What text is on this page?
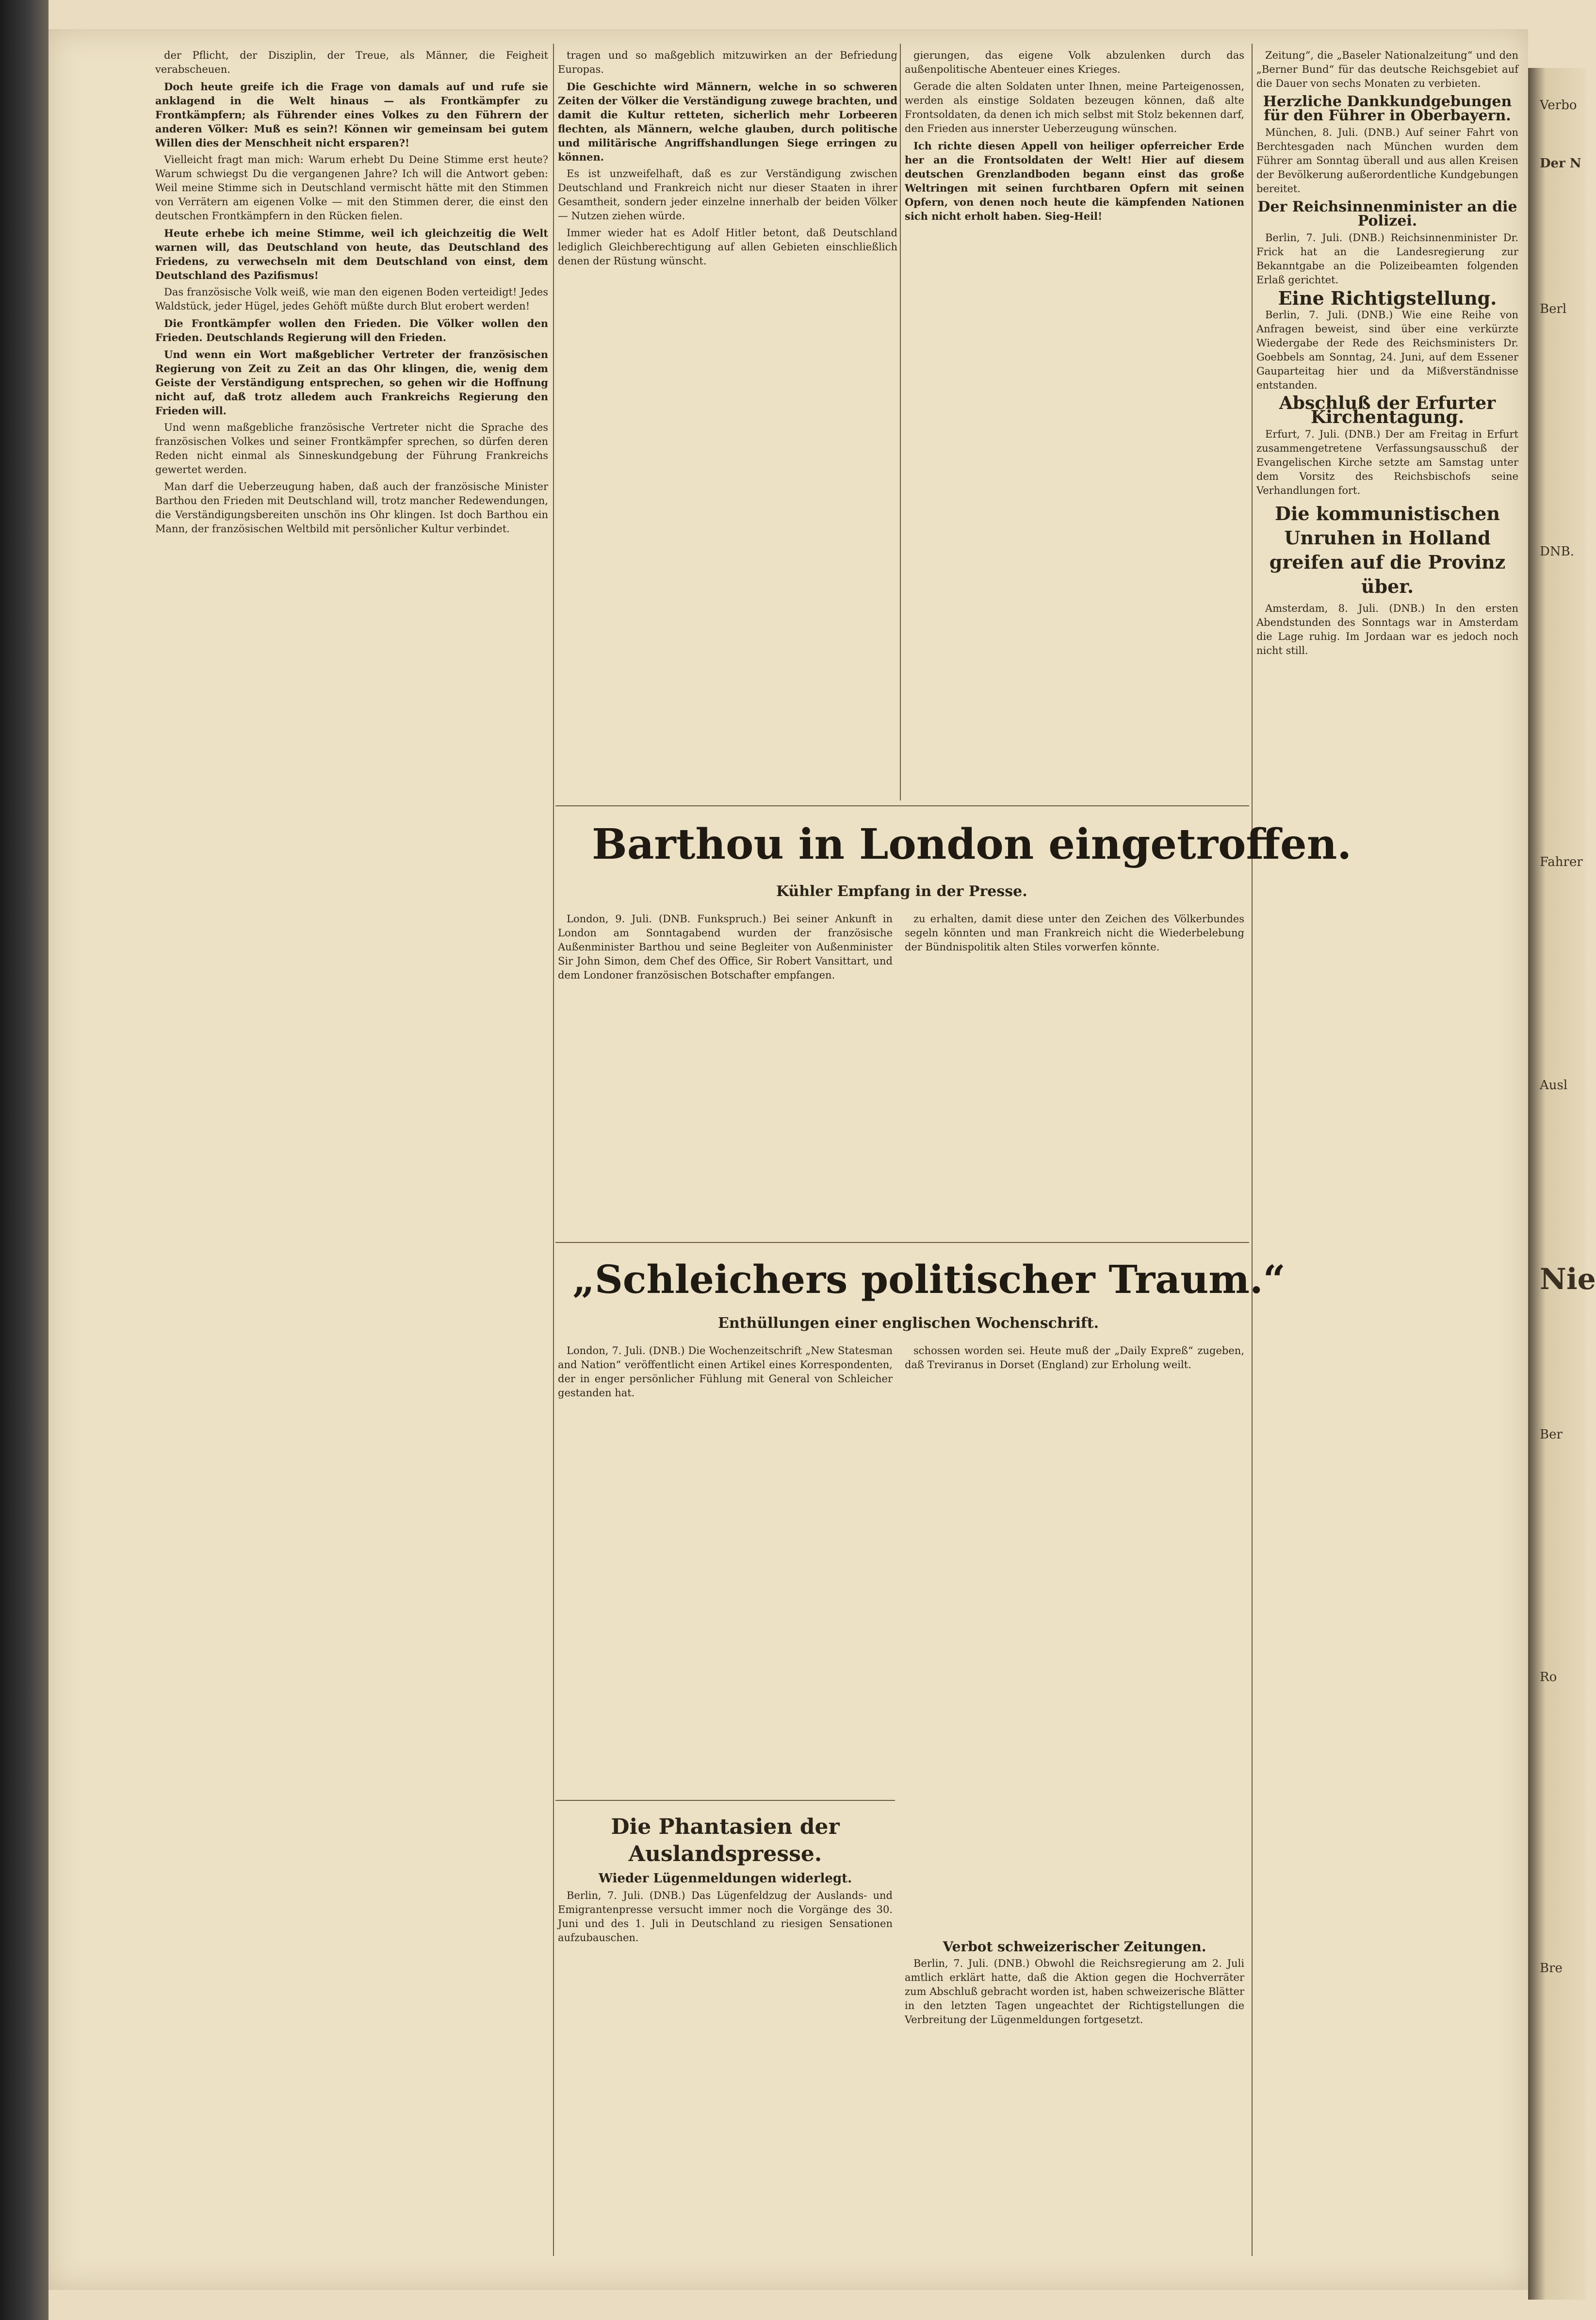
der Pflicht, der Disziplin, der Treue, als Männer, die Feigheit verabscheuen.

Doch heute greife ich die Frage von damals auf und rufe sie anklagend in die Welt hinaus — als Frontkämpfer zu Frontkämpfern; als Führender eines Volkes zu den Führern der anderen Völker: Muß es sein?! Können wir gemeinsam bei gutem Willen dies der Menschheit nicht ersparen?!

Vielleicht fragt man mich: Warum erhebt Du Deine Stimme erst heute? Warum schwiegst Du die vergangenen Jahre? Ich will die Antwort geben: Weil meine Stimme sich in Deutschland vermischt hätte mit den Stimmen von Verrätern am eigenen Volke — mit den Stimmen derer, die einst den deutschen Frontkämpfern in den Rücken fielen.

Heute erhebe ich meine Stimme, weil ich gleichzeitig die Welt warnen will, das Deutschland von heute, das Deutschland des Friedens, zu verwechseln mit dem Deutschland von einst, dem Deutschland des Pazifismus!

Das französische Volk weiß, wie man den eigenen Boden verteidigt! Jedes Waldstück, jeder Hügel, jedes Gehöft müßte durch Blut erobert werden!

Die Frontkämpfer wollen den Frieden. Die Völker wollen den Frieden. Deutschlands Regierung will den Frieden.

Und wenn ein Wort maßgeblicher Vertreter der französischen Regierung von Zeit zu Zeit an das Ohr klingen, die, wenig dem Geiste der Verständigung entsprechen, so gehen wir die Hoffnung nicht auf, daß trotz alledem auch Frankreichs Regierung den Frieden will.

Und wenn maßgebliche französische Vertreter nicht die Sprache des französischen Volkes und seiner Frontkämpfer sprechen, so dürfen deren Reden nicht einmal als Sinneskundgebung der Führung Frankreichs gewertet werden.

Man darf die Ueberzeugung haben, daß auch der französische Minister Barthou den Frieden mit Deutschland will, trotz mancher Redewendungen, die Verständigungsbereiten unschön ins Ohr klingen. Ist doch Barthou ein Mann, der französischen Weltbild mit persönlicher Kultur verbindet.

tragen und so maßgeblich mitzuwirken an der Befriedung Europas.

Die Geschichte wird Männern, welche in so schweren Zeiten der Völker die Verständigung zuwege brachten, und damit die Kultur retteten, sicherlich mehr Lorbeeren flechten, als Männern, welche glauben, durch politische und militärische Angriffshandlungen Siege erringen zu können.

Es ist unzweifelhaft, daß es zur Verständigung zwischen Deutschland und Frankreich nicht nur dieser Staaten in ihrer Gesamtheit, sondern jeder einzelne innerhalb der beiden Völker — Nutzen ziehen würde.

Immer wieder hat es Adolf Hitler betont, daß Deutschland lediglich Gleichberechtigung auf allen Gebieten einschließlich denen der Rüstung wünscht.

gierungen, das eigene Volk abzulenken durch das außenpolitische Abenteuer eines Krieges.

Gerade die alten Soldaten unter Ihnen, meine Parteigenossen, werden als einstige Soldaten bezeugen können, daß alte Frontsoldaten, da denen ich mich selbst mit Stolz bekennen darf, den Frieden aus innerster Ueberzeugung wünschen.

Ich richte diesen Appell von heiliger opferreicher Erde her an die Frontsoldaten der Welt! Hier auf diesem deutschen Grenzlandboden begann einst das große Weltringen mit seinen furchtbaren Opfern mit seinen Opfern, von denen noch heute die kämpfenden Nationen sich nicht erholt haben. Sieg-Heil!

Barthou in London eingetroffen.
Kühler Empfang in der Presse.

London, 9. Juli. (DNB. Funkspruch.) Bei seiner Ankunft in London am Sonntagabend wurden der französische Außenminister Barthou und seine Begleiter von Außenminister Sir John Simon, dem Chef des Office, Sir Robert Vansittart, und dem Londoner französischen Botschafter empfangen.

zu erhalten, damit diese unter den Zeichen des Völkerbundes segeln könnten und man Frankreich nicht die Wiederbelebung der Bündnispolitik alten Stiles vorwerfen könnte.

„Schleichers politischer Traum.“
Enthüllungen einer englischen Wochenschrift.

London, 7. Juli. (DNB.) Die Wochenzeitschrift „New Statesman and Nation“ veröffentlicht einen Artikel eines Korrespondenten, der in enger persönlicher Fühlung mit General von Schleicher gestanden hat.

schossen worden sei. Heute muß der „Daily Expreß“ zugeben, daß Treviranus in Dorset (England) zur Erholung weilt.

Die Phantasien der Auslandspresse.
Wieder Lügenmeldungen widerlegt.

Berlin, 7. Juli. (DNB.) Das Lügenfeldzug der Auslands- und Emigrantenpresse versucht immer noch die Vorgänge des 30. Juni und des 1. Juli in Deutschland zu riesigen Sensationen aufzubauschen.

Verbot schweizerischer Zeitungen.

Berlin, 7. Juli. (DNB.) Obwohl die Reichsregierung am 2. Juli amtlich erklärt hatte, daß die Aktion gegen die Hochverräter zum Abschluß gebracht worden ist, haben schweizerische Blätter in den letzten Tagen ungeachtet der Richtigstellungen die Verbreitung der Lügenmeldungen fortgesetzt.

Zeitung“, die „Baseler Nationalzeitung“ und den „Berner Bund“ für das deutsche Reichsgebiet auf die Dauer von sechs Monaten zu verbieten.

Herzliche Dankkundgebungen für den Führer in Oberbayern.

München, 8. Juli. (DNB.) Auf seiner Fahrt von Berchtesgaden nach München wurden dem Führer am Sonntag überall und aus allen Kreisen der Bevölkerung außerordentliche Kundgebungen bereitet.

Der Reichsinnenminister an die Polizei.

Berlin, 7. Juli. (DNB.) Reichsinnenminister Dr. Frick hat an die Landesregierung zur Bekanntgabe an die Polizeibeamten folgenden Erlaß gerichtet.

Eine Richtigstellung.

Berlin, 7. Juli. (DNB.) Wie eine Reihe von Anfragen beweist, sind über eine verkürzte Wiedergabe der Rede des Reichsministers Dr. Goebbels am Sonntag, 24. Juni, auf dem Essener Gauparteitag hier und da Mißverständnisse entstanden.

Abschluß der Erfurter Kirchentagung.

Erfurt, 7. Juli. (DNB.) Der am Freitag in Erfurt zusammengetretene Verfassungsausschuß der Evangelischen Kirche setzte am Samstag unter dem Vorsitz des Reichsbischofs seine Verhandlungen fort.

Die kommunistischen Unruhen in Holland greifen auf die Provinz über.

Amsterdam, 8. Juli. (DNB.) In den ersten Abendstunden des Sonntags war in Amsterdam die Lage ruhig. Im Jordaan war es jedoch noch nicht still.

Verbo
Der N
Berl
DNB.
Fahrer
Ausl
Nie
Ber
Ro
Bre
